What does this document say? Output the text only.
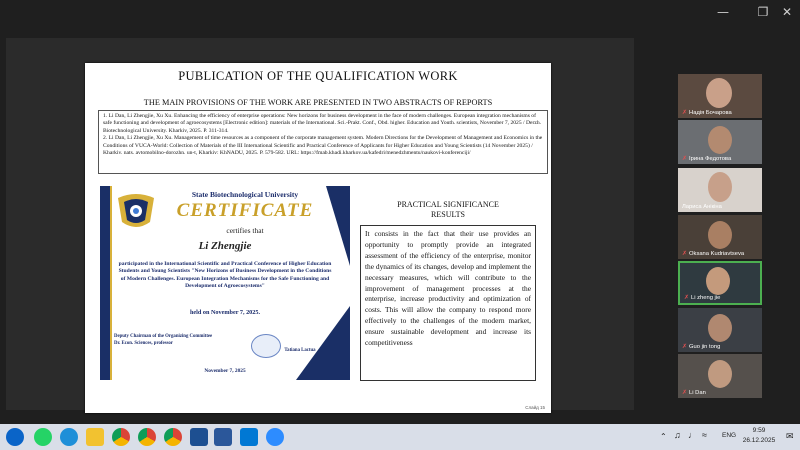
—	❐	✕
PUBLICATION OF THE QUALIFICATION WORK
THE MAIN PROVISIONS OF THE WORK ARE PRESENTED IN TWO ABSTRACTS OF REPORTS

1. Li Dan, Li Zhengjie, Xu Xu. Enhancing the efficiency of enterprise operations: New horizons for business development in the face of modern challenges. European integration mechanisms of safe functioning and development of agroecosystems [Electronic edition]: materials of the International. Sci.-Prakt. Conf., Obd. higher. Education and Youth. scientists, November 7, 2025 / Derzh. Biotechnological University. Kharkiv, 2025. P. 311-314.

2. Li Dan, Li Zhengjie, Xu Xu. Management of time resources as a component of the corporate management system. Modern Directions for the Development of Management and Economics in the Conditions of VUCA-World: Collection of Materials of the III International Scientific and Practical Conference of Applicants for Higher Education and Young Scientists (14 November 2025) / Kharkiv. nats. avtomobilno-dorozhn. un-t, Kharkiv: KhNADU, 2025. P. 579-582. URL: https://fmab.khadi.kharkov.ua/kafedri/menedzhmentu/naukovi-konferenciji/

State Biotechnological University
CERTIFICATE
certifies that
Li Zhengjie
participated in the International Scientific and Practical Conference of Higher Education Students and Young Scientists "New Horizons of Business Development in the Conditions of Modern Challenges. European Integration Mechanisms for the Safe Functioning and Development of Agroecosystems"
held on November 7, 2025.
Deputy Chairman of the Organizing Committee
Dr. Econ. Sciences, professor
Tatiana Lactua
November 7, 2025
PRACTICAL SIGNIFICANCE
RESULTS
It consists in the fact that their use provides an opportunity to promptly provide an integrated assessment of the efficiency of the enterprise, monitor the dynamics of its changes, develop and implement the necessary measures, which will contribute to the improvement of management processes at the enterprise, increase productivity and optimization of costs. This will allow the company to respond more effectively to the challenges of the modern market, ensure sustainable development and increase its competitiveness
Слайд 15
✗ Надія Бочарова
✗ Ірина Федотова
Лариса Анікіна
✗ Oksana Kudriavtseva
✗ Li zheng jie
✗ Guo jin tong
✗ Li Dan
⌃ ♫ ♩ ≈ ENG
9:59
26.12.2025	✉
